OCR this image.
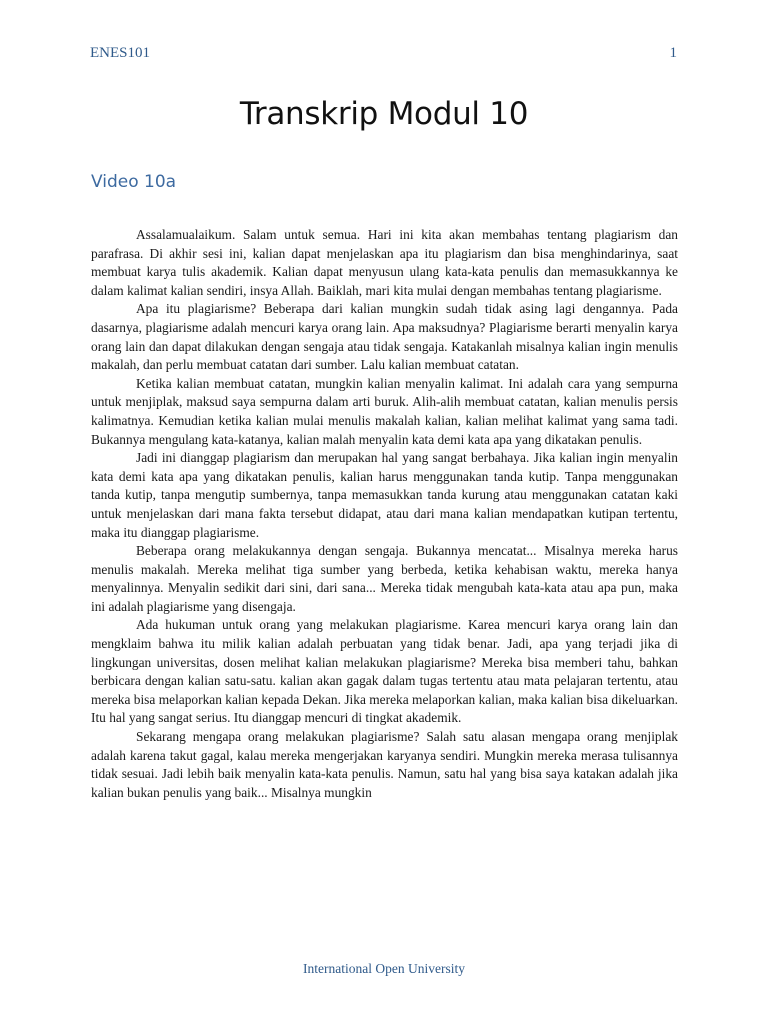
ENES101	1
Transkrip Modul 10
Video 10a

Assalamualaikum. Salam untuk semua. Hari ini kita akan membahas tentang plagiarism dan parafrasa. Di akhir sesi ini, kalian dapat menjelaskan apa itu plagiarism dan bisa menghindarinya, saat membuat karya tulis akademik. Kalian dapat menyusun ulang kata-kata penulis dan memasukkannya ke dalam kalimat kalian sendiri, insya Allah. Baiklah, mari kita mulai dengan membahas tentang plagiarisme.

Apa itu plagiarisme? Beberapa dari kalian mungkin sudah tidak asing lagi dengannya. Pada dasarnya, plagiarisme adalah mencuri karya orang lain. Apa maksudnya? Plagiarisme berarti menyalin karya orang lain dan dapat dilakukan dengan sengaja atau tidak sengaja. Katakanlah misalnya kalian ingin menulis makalah, dan perlu membuat catatan dari sumber. Lalu kalian membuat catatan.

Ketika kalian membuat catatan, mungkin kalian menyalin kalimat. Ini adalah cara yang sempurna untuk menjiplak, maksud saya sempurna dalam arti buruk. Alih-alih membuat catatan, kalian menulis persis kalimatnya. Kemudian ketika kalian mulai menulis makalah kalian, kalian melihat kalimat yang sama tadi. Bukannya mengulang kata-katanya, kalian malah menyalin kata demi kata apa yang dikatakan penulis.

Jadi ini dianggap plagiarism dan merupakan hal yang sangat berbahaya. Jika kalian ingin menyalin kata demi kata apa yang dikatakan penulis, kalian harus menggunakan tanda kutip. Tanpa menggunakan tanda kutip, tanpa mengutip sumbernya, tanpa memasukkan tanda kurung atau menggunakan catatan kaki untuk menjelaskan dari mana fakta tersebut didapat, atau dari mana kalian mendapatkan kutipan tertentu, maka itu dianggap plagiarisme.

Beberapa orang melakukannya dengan sengaja. Bukannya mencatat... Misalnya mereka harus menulis makalah. Mereka melihat tiga sumber yang berbeda, ketika kehabisan waktu, mereka hanya menyalinnya. Menyalin sedikit dari sini, dari sana... Mereka tidak mengubah kata-kata atau apa pun, maka ini adalah plagiarisme yang disengaja.

Ada hukuman untuk orang yang melakukan plagiarisme. Karea mencuri karya orang lain dan mengklaim bahwa itu milik kalian adalah perbuatan yang tidak benar. Jadi, apa yang terjadi jika di lingkungan universitas, dosen melihat kalian melakukan plagiarisme? Mereka bisa memberi tahu, bahkan berbicara dengan kalian satu-satu. kalian akan gagak dalam tugas tertentu atau mata pelajaran tertentu, atau mereka bisa melaporkan kalian kepada Dekan. Jika mereka melaporkan kalian, maka kalian bisa dikeluarkan. Itu hal yang sangat serius. Itu dianggap mencuri di tingkat akademik.

Sekarang mengapa orang melakukan plagiarisme? Salah satu alasan mengapa orang menjiplak adalah karena takut gagal, kalau mereka mengerjakan karyanya sendiri. Mungkin mereka merasa tulisannya tidak sesuai. Jadi lebih baik menyalin kata-kata penulis. Namun, satu hal yang bisa saya katakan adalah jika kalian bukan penulis yang baik... Misalnya mungkin

International Open University
